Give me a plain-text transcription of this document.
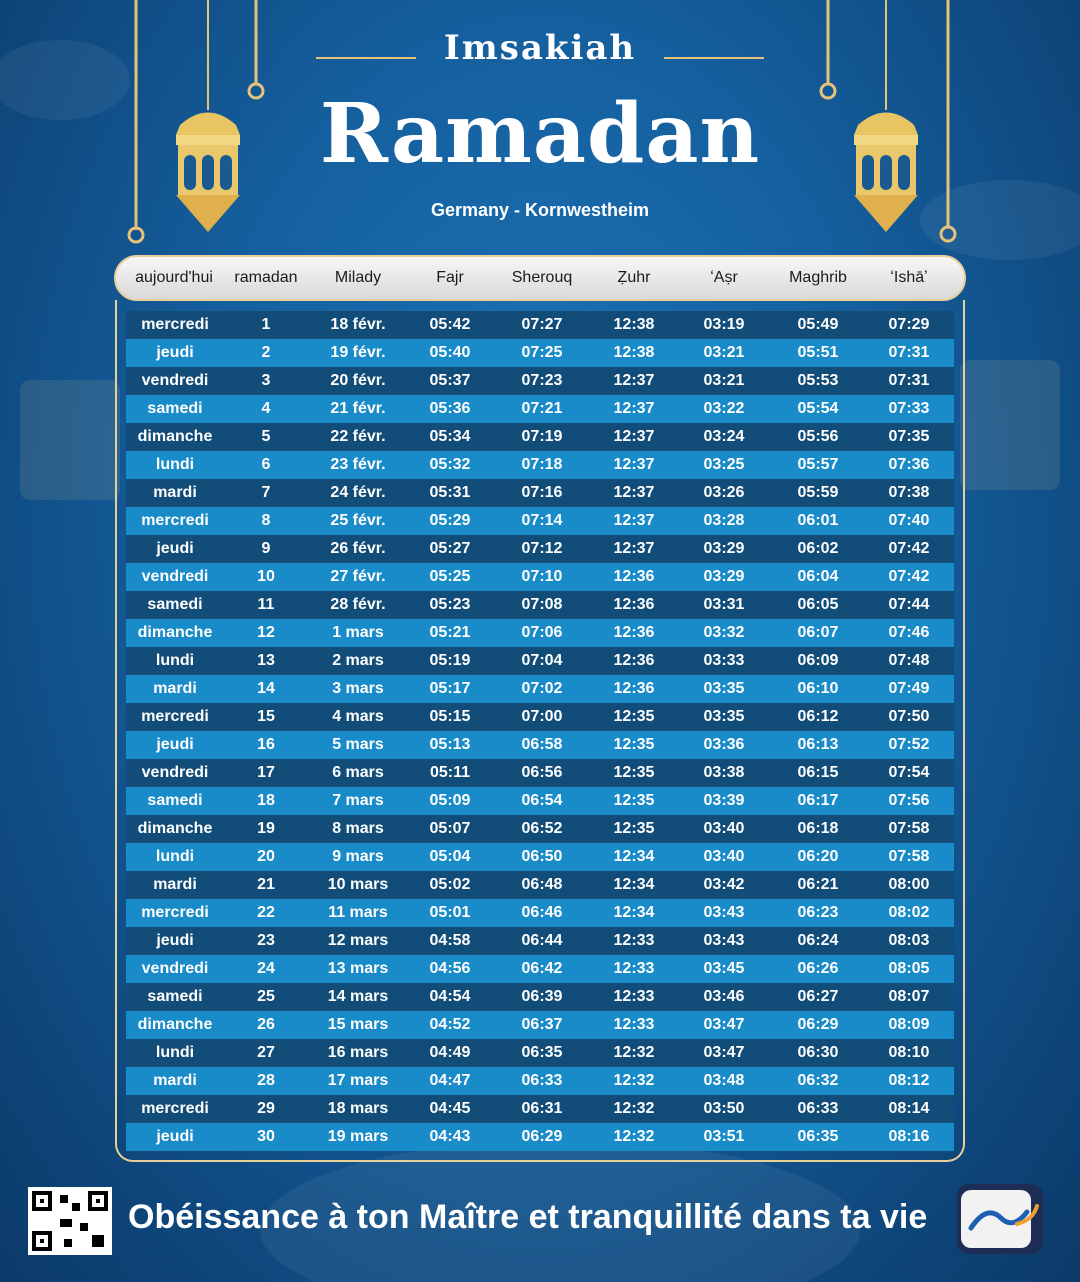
Imsakiah
Ramadan
Germany - Kornwestheim
aujourd'hui	ramadan	Milady	Fajr	Sherouq	Ẓuhr	ʻAṣr	Maghrib	ʻIshāʼ
mercredi	1	18 févr.	05:42	07:27	12:38	03:19	05:49	07:29
jeudi	2	19 févr.	05:40	07:25	12:38	03:21	05:51	07:31
vendredi	3	20 févr.	05:37	07:23	12:37	03:21	05:53	07:31
samedi	4	21 févr.	05:36	07:21	12:37	03:22	05:54	07:33
dimanche	5	22 févr.	05:34	07:19	12:37	03:24	05:56	07:35
lundi	6	23 févr.	05:32	07:18	12:37	03:25	05:57	07:36
mardi	7	24 févr.	05:31	07:16	12:37	03:26	05:59	07:38
mercredi	8	25 févr.	05:29	07:14	12:37	03:28	06:01	07:40
jeudi	9	26 févr.	05:27	07:12	12:37	03:29	06:02	07:42
vendredi	10	27 févr.	05:25	07:10	12:36	03:29	06:04	07:42
samedi	11	28 févr.	05:23	07:08	12:36	03:31	06:05	07:44
dimanche	12	1 mars	05:21	07:06	12:36	03:32	06:07	07:46
lundi	13	2 mars	05:19	07:04	12:36	03:33	06:09	07:48
mardi	14	3 mars	05:17	07:02	12:36	03:35	06:10	07:49
mercredi	15	4 mars	05:15	07:00	12:35	03:35	06:12	07:50
jeudi	16	5 mars	05:13	06:58	12:35	03:36	06:13	07:52
vendredi	17	6 mars	05:11	06:56	12:35	03:38	06:15	07:54
samedi	18	7 mars	05:09	06:54	12:35	03:39	06:17	07:56
dimanche	19	8 mars	05:07	06:52	12:35	03:40	06:18	07:58
lundi	20	9 mars	05:04	06:50	12:34	03:40	06:20	07:58
mardi	21	10 mars	05:02	06:48	12:34	03:42	06:21	08:00
mercredi	22	11 mars	05:01	06:46	12:34	03:43	06:23	08:02
jeudi	23	12 mars	04:58	06:44	12:33	03:43	06:24	08:03
vendredi	24	13 mars	04:56	06:42	12:33	03:45	06:26	08:05
samedi	25	14 mars	04:54	06:39	12:33	03:46	06:27	08:07
dimanche	26	15 mars	04:52	06:37	12:33	03:47	06:29	08:09
lundi	27	16 mars	04:49	06:35	12:32	03:47	06:30	08:10
mardi	28	17 mars	04:47	06:33	12:32	03:48	06:32	08:12
mercredi	29	18 mars	04:45	06:31	12:32	03:50	06:33	08:14
jeudi	30	19 mars	04:43	06:29	12:32	03:51	06:35	08:16
Obéissance à ton Maître et tranquillité dans ta vie
